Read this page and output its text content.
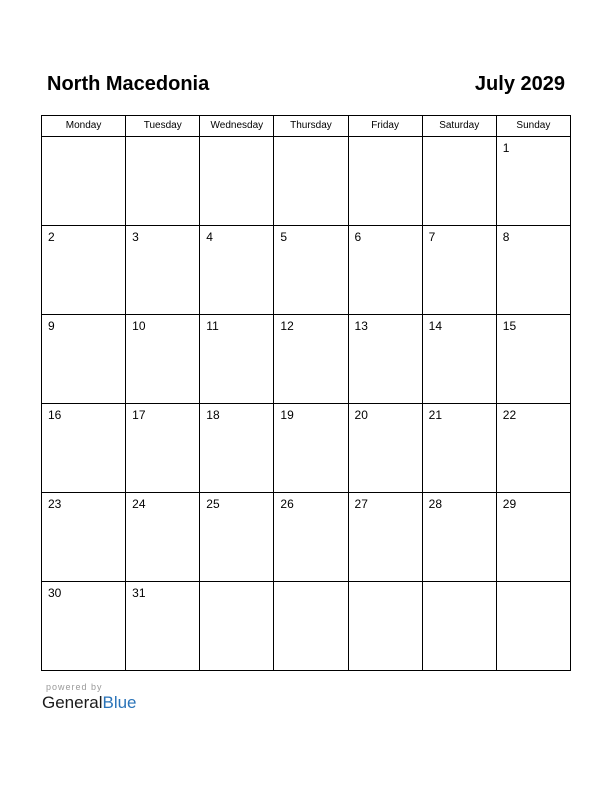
North Macedonia	July 2029
Monday	Tuesday	Wednesday	Thursday	Friday	Saturday	Sunday

						1

2	3	4	5	6	7	8

9	10	11	12	13	14	15

16	17	18	19	20	21	22

23	24	25	26	27	28	29

30	31					

powered by
GeneralBlue
